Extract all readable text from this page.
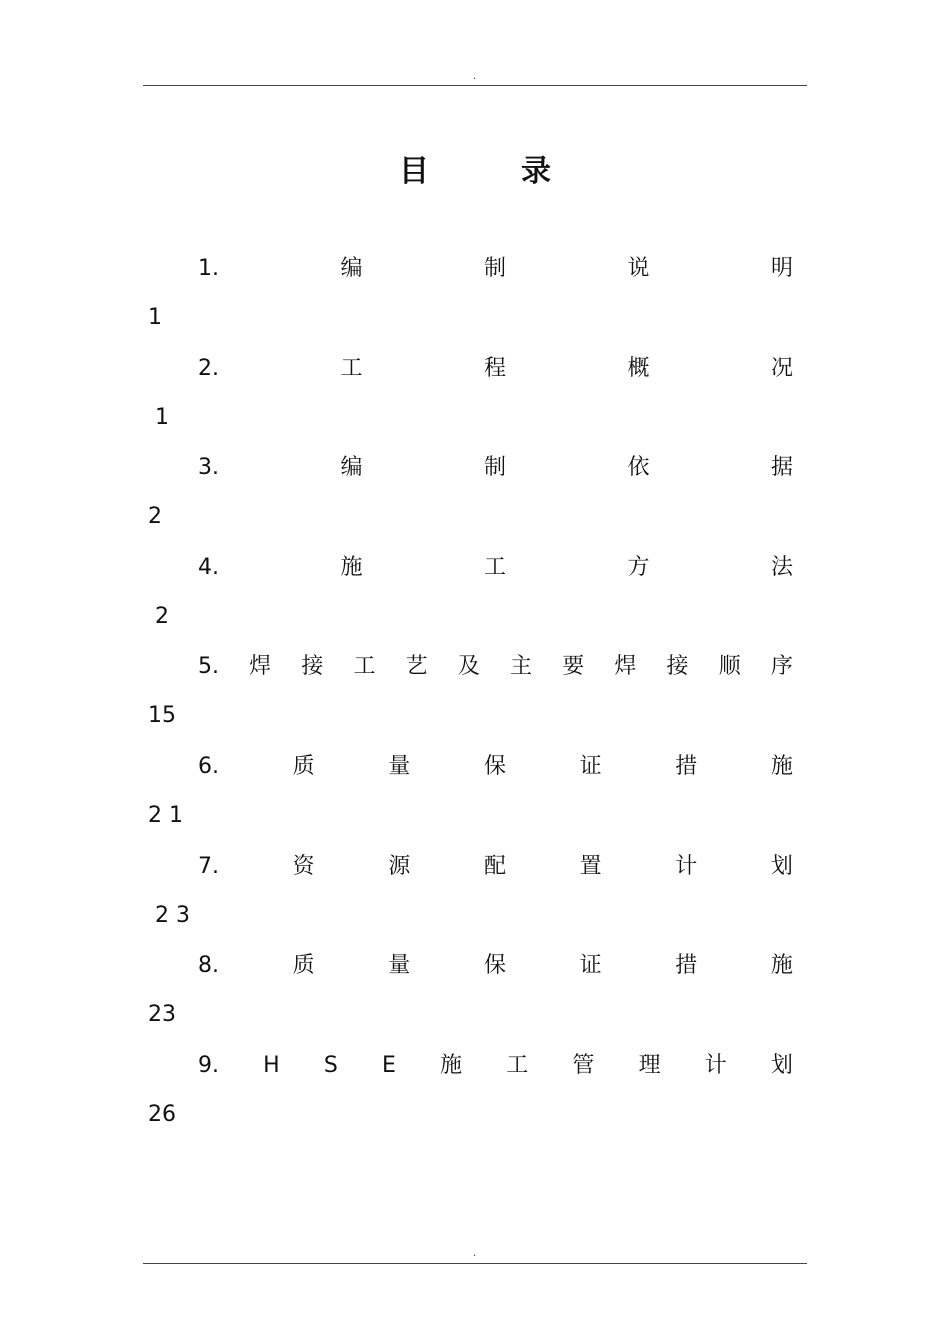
.
目	录
1.	编	制	说	明
1
2.	工	程	概	况
1
3.	编	制	依	据
2
4.	施	工	方	法
2
5. 焊 接 工 艺 及 主 要 焊 接 顺 序
15
6.	质	量	保	证	措	施
2 1
7.	资	源	配	置	计	划
2 3
8.	质	量	保	证	措	施
23
9. H S E 施 工 管 理 计 划
26
.
